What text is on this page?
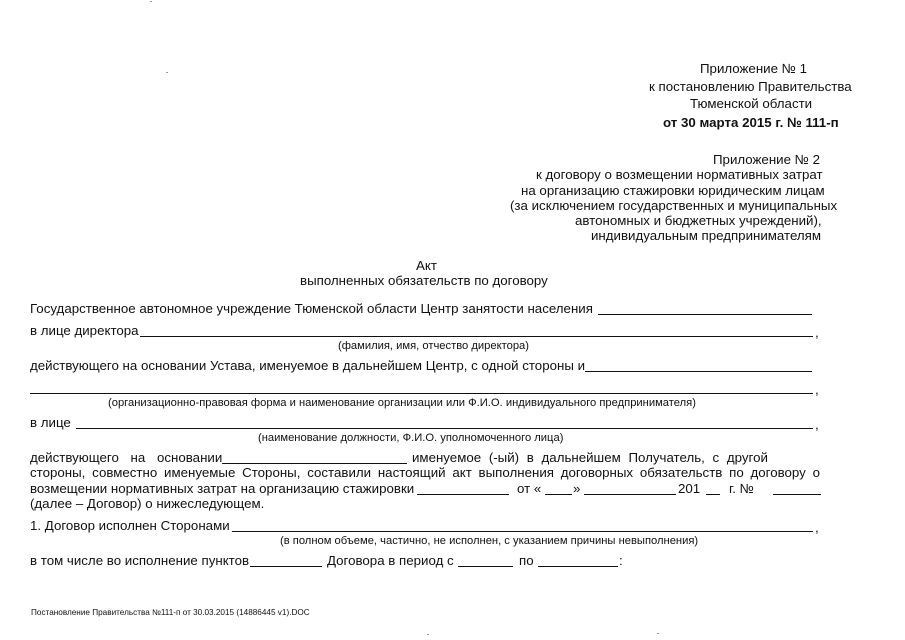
Приложение № 1
к постановлению Правительства
Тюменской области
от 30 марта 2015 г. № 111-п
Приложение № 2
к договору о возмещении нормативных затрат
на организацию стажировки юридическим лицам
(за исключением государственных и муниципальных
автономных и бюджетных учреждений),
индивидуальным предпринимателям
Акт
выполненных обязательств по договору
Государственное автономное учреждение Тюменской области Центр занятости населения
в лице директора	,
(фамилия, имя, отчество директора)
действующего на основании Устава, именуемое в дальнейшем Центр, с одной стороны и
,
(организационно-правовая форма и наименование организации или Ф.И.О. индивидуального предпринимателя)
в лице	,
(наименование должности, Ф.И.О. уполномоченного лица)
действующего на основании	именуемое (-ый) в дальнейшем Получатель, с другой
стороны, совместно именуемые Стороны, составили настоящий акт выполнения договорных обязательств по договору о
возмещении нормативных затрат на организацию стажировки	от « »	201 г. №
(далее – Договор) о нижеследующем.
1. Договор исполнен Сторонами	,
(в полном объеме, частично, не исполнен, с указанием причины невыполнения)
в том числе во исполнение пунктов	Договора в период с	по	:
Постановление Правительства №111-п от 30.03.2015 (14886445 v1).DOC
